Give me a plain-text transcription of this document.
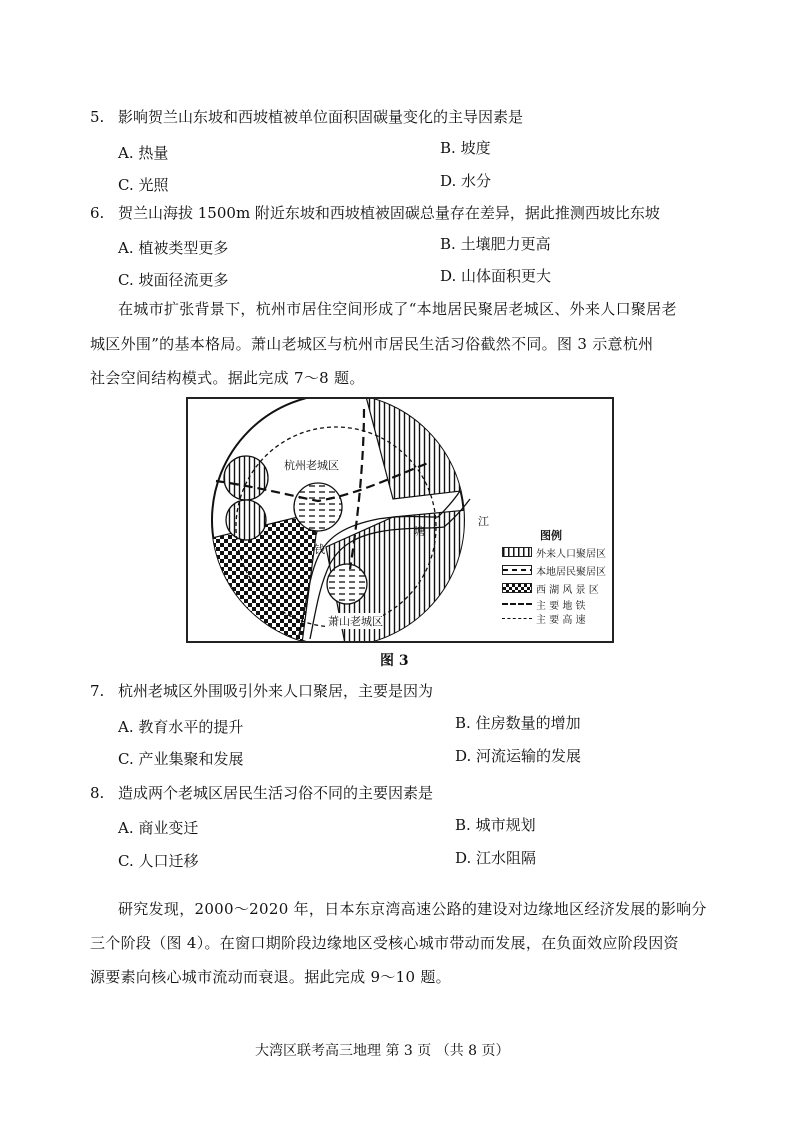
5. 影响贺兰山东坡和西坡植被单位面积固碳量变化的主导因素是
A. 热量	B. 坡度
C. 光照	D. 水分
6. 贺兰山海拔 1500m 附近东坡和西坡植被固碳总量存在差异，据此推测西坡比东坡
A. 植被类型更多	B. 土壤肥力更高
C. 坡面径流更多	D. 山体面积更大
在城市扩张背景下，杭州市居住空间形成了“本地居民聚居老城区、外来人口聚居老
城区外围”的基本格局。萧山老城区与杭州市居民生活习俗截然不同。图 3 示意杭州
社会空间结构模式。据此完成 7～8 题。
杭州老城区
萧山老城区
钱
塘
江
图例
外来人口聚居区
本地居民聚居区
西 湖 风 景 区
主 要 地 铁
主 要 高 速
图 3
7. 杭州老城区外围吸引外来人口聚居，主要是因为
A. 教育水平的提升	B. 住房数量的增加
C. 产业集聚和发展	D. 河流运输的发展
8. 造成两个老城区居民生活习俗不同的主要因素是
A. 商业变迁	B. 城市规划
C. 人口迁移	D. 江水阻隔
研究发现，2000～2020 年，日本东京湾高速公路的建设对边缘地区经济发展的影响分
三个阶段（图 4）。在窗口期阶段边缘地区受核心城市带动而发展，在负面效应阶段因资
源要素向核心城市流动而衰退。据此完成 9～10 题。
大湾区联考高三地理 第 3 页 （共 8 页）
